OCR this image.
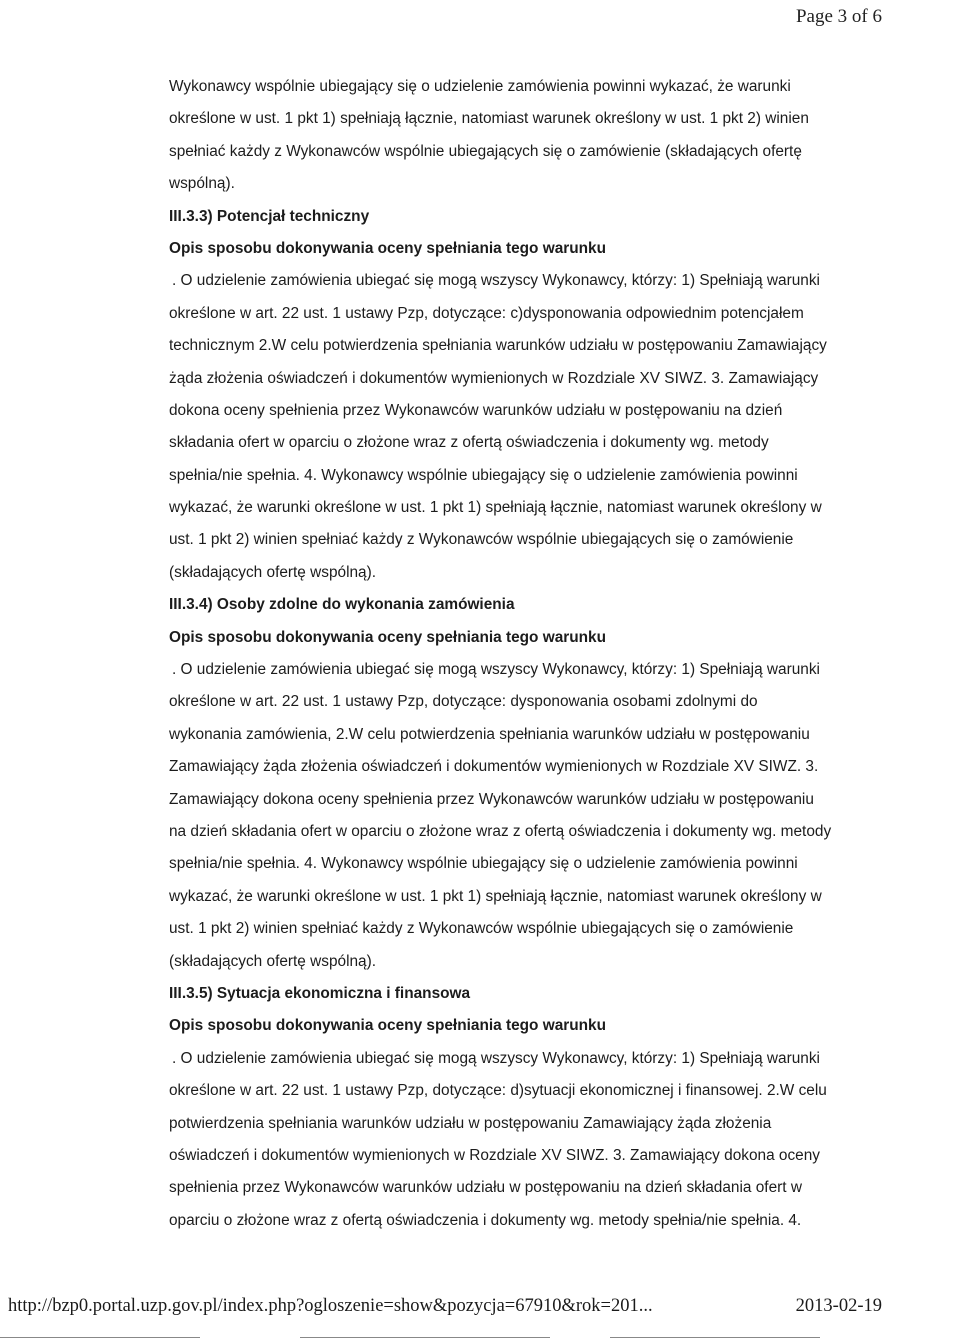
Page 3 of 6
Wykonawcy wspólnie ubiegający się o udzielenie zamówienia powinni wykazać, że warunki
określone w ust. 1 pkt 1) spełniają łącznie, natomiast warunek określony w ust. 1 pkt 2) winien
spełniać każdy z Wykonawców wspólnie ubiegających się o zamówienie (składających ofertę
wspólną).
III.3.3) Potencjał techniczny
Opis sposobu dokonywania oceny spełniania tego warunku
. O udzielenie zamówienia ubiegać się mogą wszyscy Wykonawcy, którzy: 1) Spełniają warunki
określone w art. 22 ust. 1 ustawy Pzp, dotyczące: c)dysponowania odpowiednim potencjałem
technicznym 2.W celu potwierdzenia spełniania warunków udziału w postępowaniu Zamawiający
żąda złożenia oświadczeń i dokumentów wymienionych w Rozdziale XV SIWZ. 3. Zamawiający
dokona oceny spełnienia przez Wykonawców warunków udziału w postępowaniu na dzień
składania ofert w oparciu o złożone wraz z ofertą oświadczenia i dokumenty wg. metody
spełnia/nie spełnia. 4. Wykonawcy wspólnie ubiegający się o udzielenie zamówienia powinni
wykazać, że warunki określone w ust. 1 pkt 1) spełniają łącznie, natomiast warunek określony w
ust. 1 pkt 2) winien spełniać każdy z Wykonawców wspólnie ubiegających się o zamówienie
(składających ofertę wspólną).
III.3.4) Osoby zdolne do wykonania zamówienia
Opis sposobu dokonywania oceny spełniania tego warunku
. O udzielenie zamówienia ubiegać się mogą wszyscy Wykonawcy, którzy: 1) Spełniają warunki
określone w art. 22 ust. 1 ustawy Pzp, dotyczące: dysponowania osobami zdolnymi do
wykonania zamówienia, 2.W celu potwierdzenia spełniania warunków udziału w postępowaniu
Zamawiający żąda złożenia oświadczeń i dokumentów wymienionych w Rozdziale XV SIWZ. 3.
Zamawiający dokona oceny spełnienia przez Wykonawców warunków udziału w postępowaniu
na dzień składania ofert w oparciu o złożone wraz z ofertą oświadczenia i dokumenty wg. metody
spełnia/nie spełnia. 4. Wykonawcy wspólnie ubiegający się o udzielenie zamówienia powinni
wykazać, że warunki określone w ust. 1 pkt 1) spełniają łącznie, natomiast warunek określony w
ust. 1 pkt 2) winien spełniać każdy z Wykonawców wspólnie ubiegających się o zamówienie
(składających ofertę wspólną).
III.3.5) Sytuacja ekonomiczna i finansowa
Opis sposobu dokonywania oceny spełniania tego warunku
. O udzielenie zamówienia ubiegać się mogą wszyscy Wykonawcy, którzy: 1) Spełniają warunki
określone w art. 22 ust. 1 ustawy Pzp, dotyczące: d)sytuacji ekonomicznej i finansowej. 2.W celu
potwierdzenia spełniania warunków udziału w postępowaniu Zamawiający żąda złożenia
oświadczeń i dokumentów wymienionych w Rozdziale XV SIWZ. 3. Zamawiający dokona oceny
spełnienia przez Wykonawców warunków udziału w postępowaniu na dzień składania ofert w
oparciu o złożone wraz z ofertą oświadczenia i dokumenty wg. metody spełnia/nie spełnia. 4.
http://bzp0.portal.uzp.gov.pl/index.php?ogloszenie=show&pozycja=67910&rok=201...	2013-02-19
